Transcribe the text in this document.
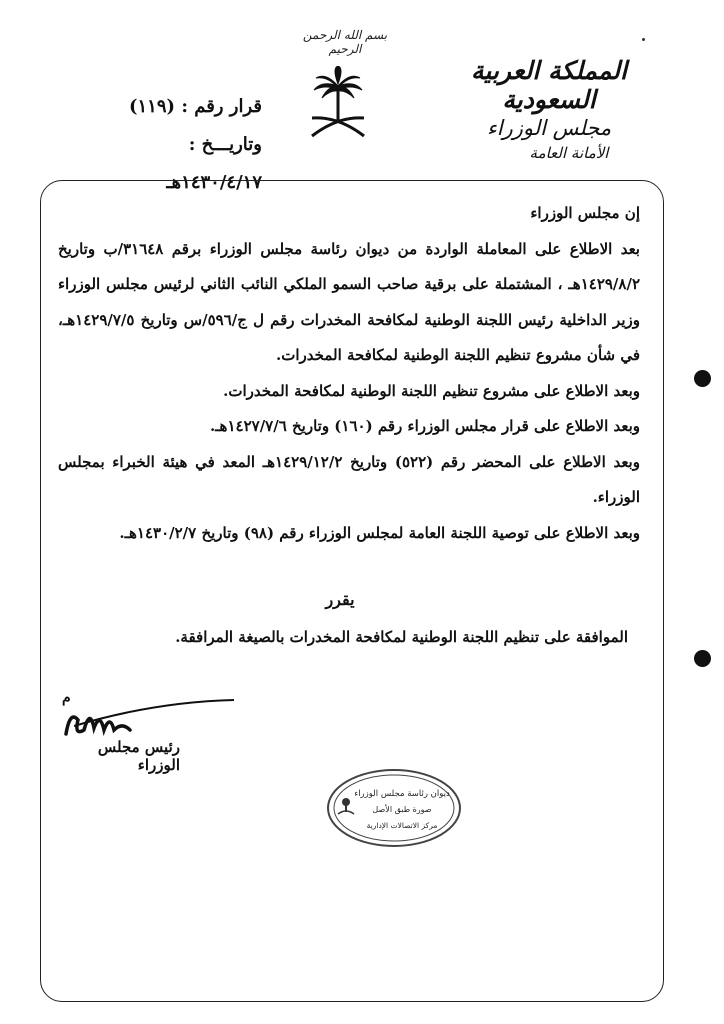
بسم الله الرحمن الرحيم
المملكة العربية السعودية
مجلس الوزراء
الأمانة العامة
قرار رقم : (١١٩)
وتاريـــخ : ١٤٣٠/٤/١٧هـ

إن مجلس الوزراء

بعد الاطلاع على المعاملة الواردة من ديوان رئاسة مجلس الوزراء برقم ٣١٦٤٨/ب وتاريخ ١٤٢٩/٨/٢هـ ، المشتملة على برقية صاحب السمو الملكي النائب الثاني لرئيس مجلس الوزراء وزير الداخلية رئيس اللجنة الوطنية لمكافحة المخدرات رقم ل ج/٥٩٦/س وتاريخ ١٤٢٩/٧/٥هـ، في شأن مشروع تنظيم اللجنة الوطنية لمكافحة المخدرات.

وبعد الاطلاع على مشروع تنظيم اللجنة الوطنية لمكافحة المخدرات.

وبعد الاطلاع على قرار مجلس الوزراء رقم (١٦٠) وتاريخ ١٤٢٧/٧/٦هـ.

وبعد الاطلاع على المحضر رقم (٥٢٢) وتاريخ ١٤٢٩/١٢/٢هـ المعد في هيئة الخبراء بمجلس الوزراء.

وبعد الاطلاع على توصية اللجنة العامة لمجلس الوزراء رقم (٩٨) وتاريخ ١٤٣٠/٢/٧هـ.

يقرر
الموافقة على تنظيم اللجنة الوطنية لمكافحة المخدرات بالصيغة المرافقة.
م
رئيس مجلس الوزراء
ديوان رئاسة مجلس الوزراء
صورة طبق الأصل
مركز الاتصالات الإدارية
